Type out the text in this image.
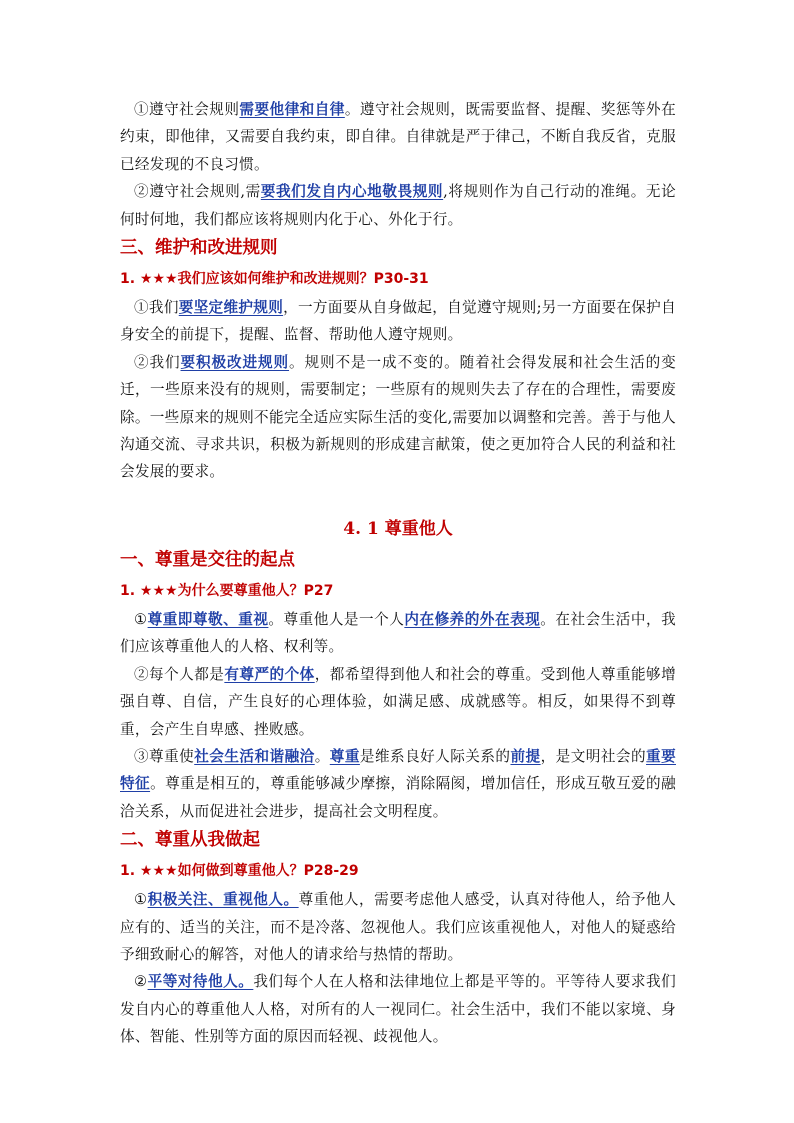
①遵守社会规则需要他律和自律。遵守社会规则，既需要监督、提醒、奖惩等外在约束，即他律，又需要自我约束，即自律。自律就是严于律己，不断自我反省，克服已经发现的不良习惯。

②遵守社会规则,需要我们发自内心地敬畏规则,将规则作为自己行动的准绳。无论何时何地，我们都应该将规则内化于心、外化于行。

三、维护和改进规则
1. ★★★我们应该如何维护和改进规则？P30-31

①我们要坚定维护规则，一方面要从自身做起，自觉遵守规则;另一方面要在保护自身安全的前提下，提醒、监督、帮助他人遵守规则。

②我们要积极改进规则。规则不是一成不变的。随着社会得发展和社会生活的变迁，一些原来没有的规则，需要制定；一些原有的规则失去了存在的合理性，需要废除。一些原来的规则不能完全适应实际生活的变化,需要加以调整和完善。善于与他人沟通交流、寻求共识，积极为新规则的形成建言献策，使之更加符合人民的利益和社会发展的要求。

4. 1 尊重他人
一、尊重是交往的起点
1. ★★★为什么要尊重他人？P27

①尊重即尊敬、重视。尊重他人是一个人内在修养的外在表现。在社会生活中，我们应该尊重他人的人格、权利等。

②每个人都是有尊严的个体，都希望得到他人和社会的尊重。受到他人尊重能够增强自尊、自信，产生良好的心理体验，如满足感、成就感等。相反，如果得不到尊重，会产生自卑感、挫败感。

③尊重使社会生活和谐融洽。尊重是维系良好人际关系的前提，是文明社会的重要特征。尊重是相互的，尊重能够减少摩擦，消除隔阂，增加信任，形成互敬互爱的融洽关系，从而促进社会进步，提高社会文明程度。

二、尊重从我做起
1. ★★★如何做到尊重他人？P28-29

①积极关注、重视他人。尊重他人，需要考虑他人感受，认真对待他人，给予他人应有的、适当的关注，而不是冷落、忽视他人。我们应该重视他人，对他人的疑惑给予细致耐心的解答，对他人的请求给与热情的帮助。

②平等对待他人。我们每个人在人格和法律地位上都是平等的。平等待人要求我们发自内心的尊重他人人格，对所有的人一视同仁。社会生活中，我们不能以家境、身体、智能、性别等方面的原因而轻视、歧视他人。
